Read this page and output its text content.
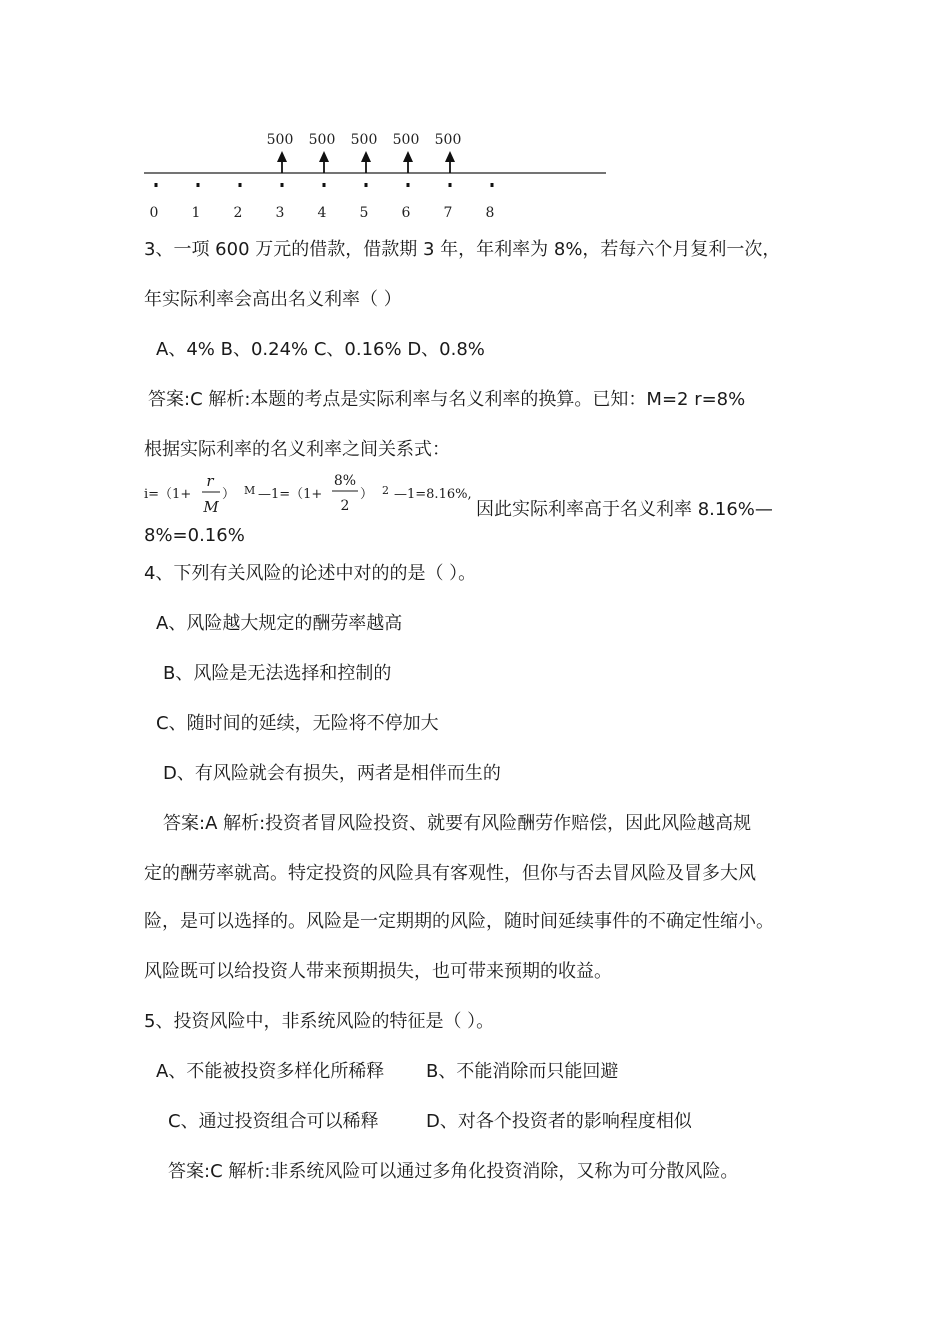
0 1 2 3 4 5 6 7 8
500 500 500 500 500
3、一项 600 万元的借款，借款期 3 年，年利率为 8%，若每六个月复利一次，
年实际利率会高出名义利率（ ）
A、4% B、0.24% C、0.16% D、0.8%
答案:C 解析:本题的考点是实际利率与名义利率的换算。已知：M=2 r=8%
根据实际利率的名义利率之间关系式：
i=（1+
r
M
） M —1=（1+
8%
2
） 2 —1=8.16%,
因此实际利率高于名义利率 8.16%—
8%=0.16%
4、下列有关风险的论述中对的的是（ ）。
A、风险越大规定的酬劳率越高
B、风险是无法选择和控制的
C、随时间的延续，无险将不停加大
D、有风险就会有损失，两者是相伴而生的
答案:A 解析:投资者冒风险投资、就要有风险酬劳作赔偿，因此风险越高规
定的酬劳率就高。特定投资的风险具有客观性，但你与否去冒风险及冒多大风
险，是可以选择的。风险是一定期期的风险，随时间延续事件的不确定性缩小。
风险既可以给投资人带来预期损失，也可带来预期的收益。
5、投资风险中，非系统风险的特征是（ ）。
A、不能被投资多样化所稀释 B、不能消除而只能回避
C、通过投资组合可以稀释	D、对各个投资者的影响程度相似
答案:C 解析:非系统风险可以通过多角化投资消除，又称为可分散风险。
